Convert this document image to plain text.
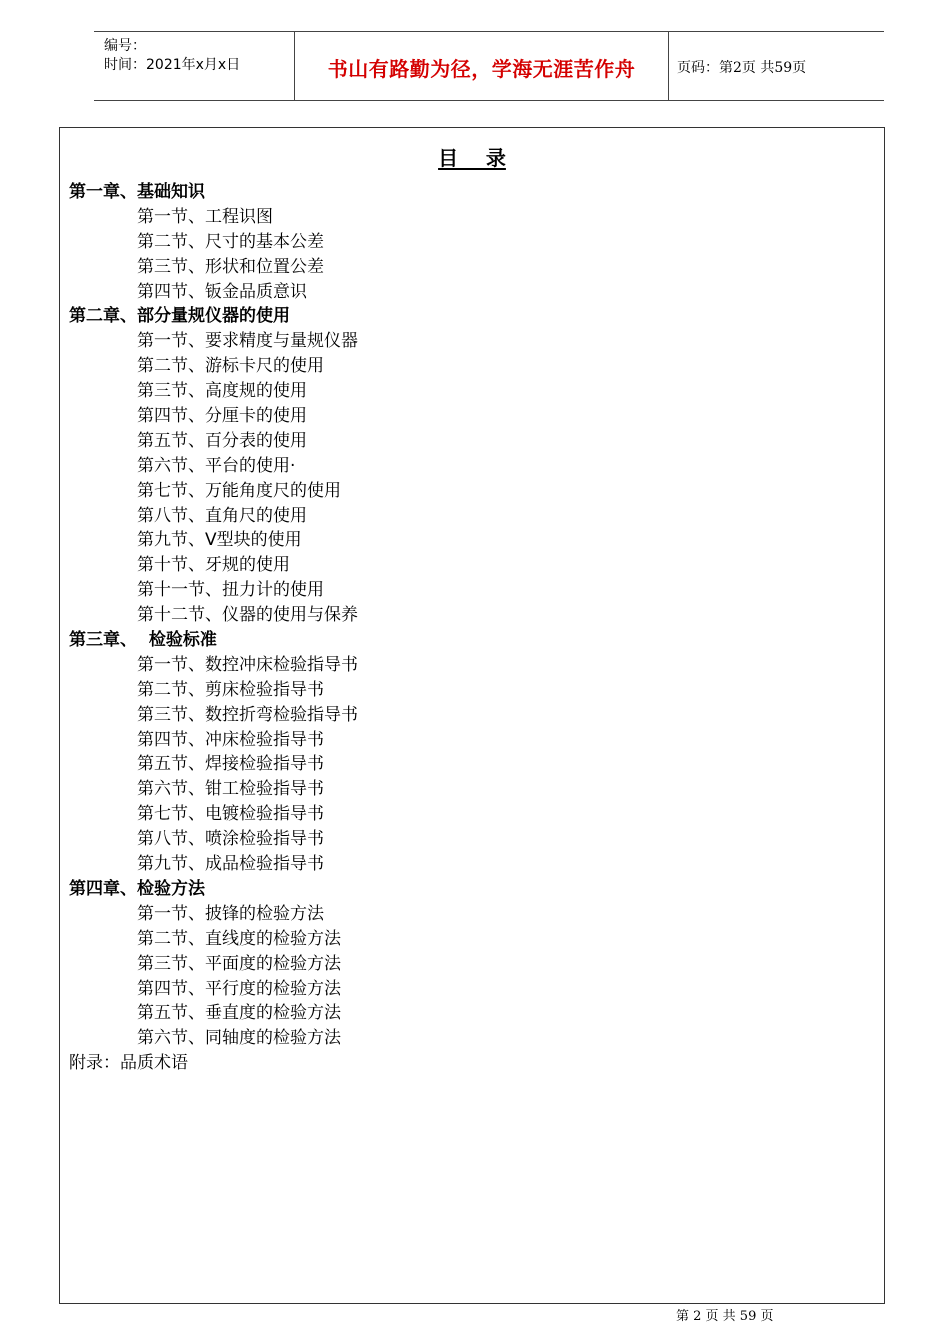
编号：
时间：2021年x月x日	书山有路勤为径，学海无涯苦作舟	页码：第2页 共59页
目    录
第一章、基础知识
第一节、工程识图
第二节、尺寸的基本公差
第三节、形状和位置公差
第四节、钣金品质意识
第二章、部分量规仪器的使用
第一节、要求精度与量规仪器
第二节、游标卡尺的使用
第三节、高度规的使用
第四节、分厘卡的使用
第五节、百分表的使用
第六节、平台的使用·
第七节、万能角度尺的使用
第八节、直角尺的使用
第九节、V型块的使用
第十节、牙规的使用
第十一节、扭力计的使用
第十二节、仪器的使用与保养
第三章、  检验标准
第一节、数控冲床检验指导书
第二节、剪床检验指导书
第三节、数控折弯检验指导书
第四节、冲床检验指导书
第五节、焊接检验指导书
第六节、钳工检验指导书
第七节、电镀检验指导书
第八节、喷涂检验指导书
第九节、成品检验指导书
第四章、检验方法
第一节、披锋的检验方法
第二节、直线度的检验方法
第三节、平面度的检验方法
第四节、平行度的检验方法
第五节、垂直度的检验方法
第六节、同轴度的检验方法
附录：品质术语
第 2 页 共 59 页
